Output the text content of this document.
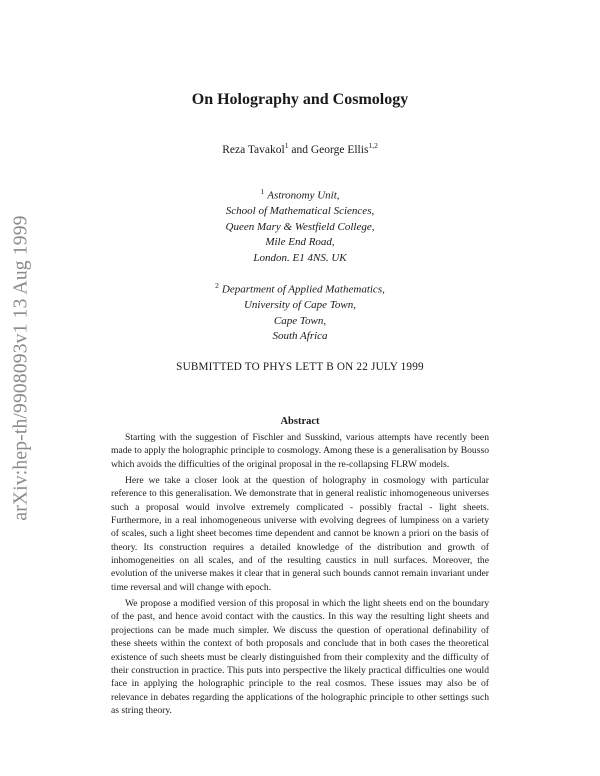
arXiv:hep-th/9908093v1 13 Aug 1999
On Holography and Cosmology
Reza Tavakol$^1$ and George Ellis$^{1,2}$
$^1$ Astronomy Unit,
School of Mathematical Sciences,
Queen Mary & Westfield College,
Mile End Road,
London. E1 4NS. UK
$^2$ Department of Applied Mathematics,
University of Cape Town,
Cape Town,
South Africa
SUBMITTED TO PHYS LETT B ON 22 JULY 1999
Abstract

Starting with the suggestion of Fischler and Susskind, various attempts have recently been made to apply the holographic principle to cosmology. Among these is a generalisation by Bousso which avoids the difficulties of the original proposal in the re-collapsing FLRW models.

Here we take a closer look at the question of holography in cosmology with particular reference to this generalisation. We demonstrate that in general realistic inhomogeneous universes such a proposal would involve extremely complicated - possibly fractal - light sheets. Furthermore, in a real inhomogeneous universe with evolving degrees of lumpiness on a variety of scales, such a light sheet becomes time dependent and cannot be known a priori on the basis of theory. Its construction requires a detailed knowledge of the distribution and growth of inhomogeneities on all scales, and of the resulting caustics in null surfaces. Moreover, the evolution of the universe makes it clear that in general such bounds cannot remain invariant under time reversal and will change with epoch.

We propose a modified version of this proposal in which the light sheets end on the boundary of the past, and hence avoid contact with the caustics. In this way the resulting light sheets and projections can be made much simpler. We discuss the question of operational definability of these sheets within the context of both proposals and conclude that in both cases the theoretical existence of such sheets must be clearly distinguished from their complexity and the difficulty of their construction in practice. This puts into perspective the likely practical difficulties one would face in applying the holographic principle to the real cosmos. These issues may also be of relevance in debates regarding the applications of the holographic principle to other settings such as string theory.
